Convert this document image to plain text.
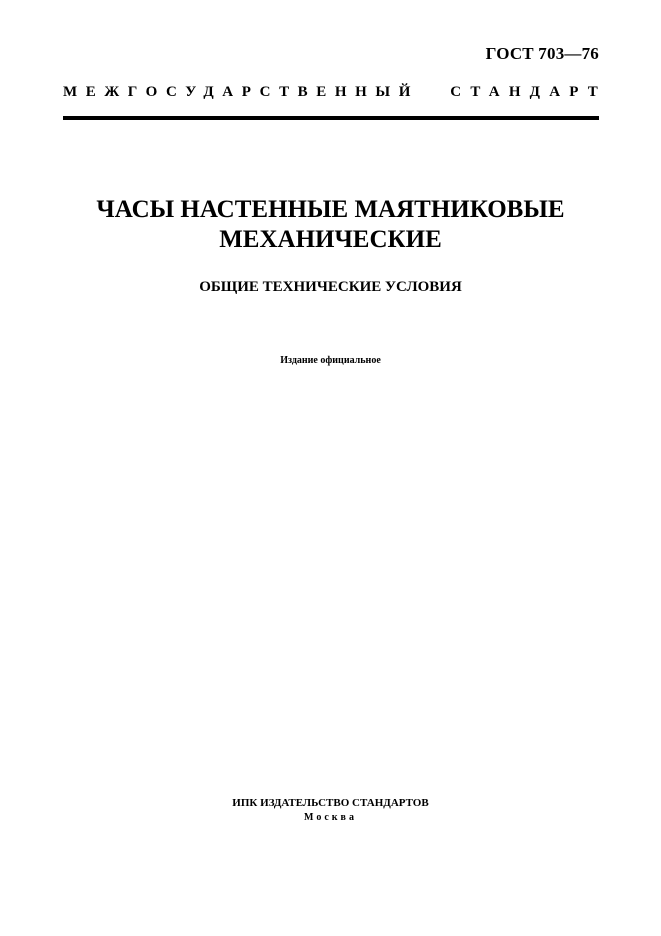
ГОСТ 703—76
МЕЖГОСУДАРСТВЕННЫЙ СТАНДАРТ
ЧАСЫ НАСТЕННЫЕ МАЯТНИКОВЫЕ
МЕХАНИЧЕСКИЕ
ОБЩИЕ ТЕХНИЧЕСКИЕ УСЛОВИЯ
Издание официальное
ИПК ИЗДАТЕЛЬСТВО СТАНДАРТОВ
Москва
